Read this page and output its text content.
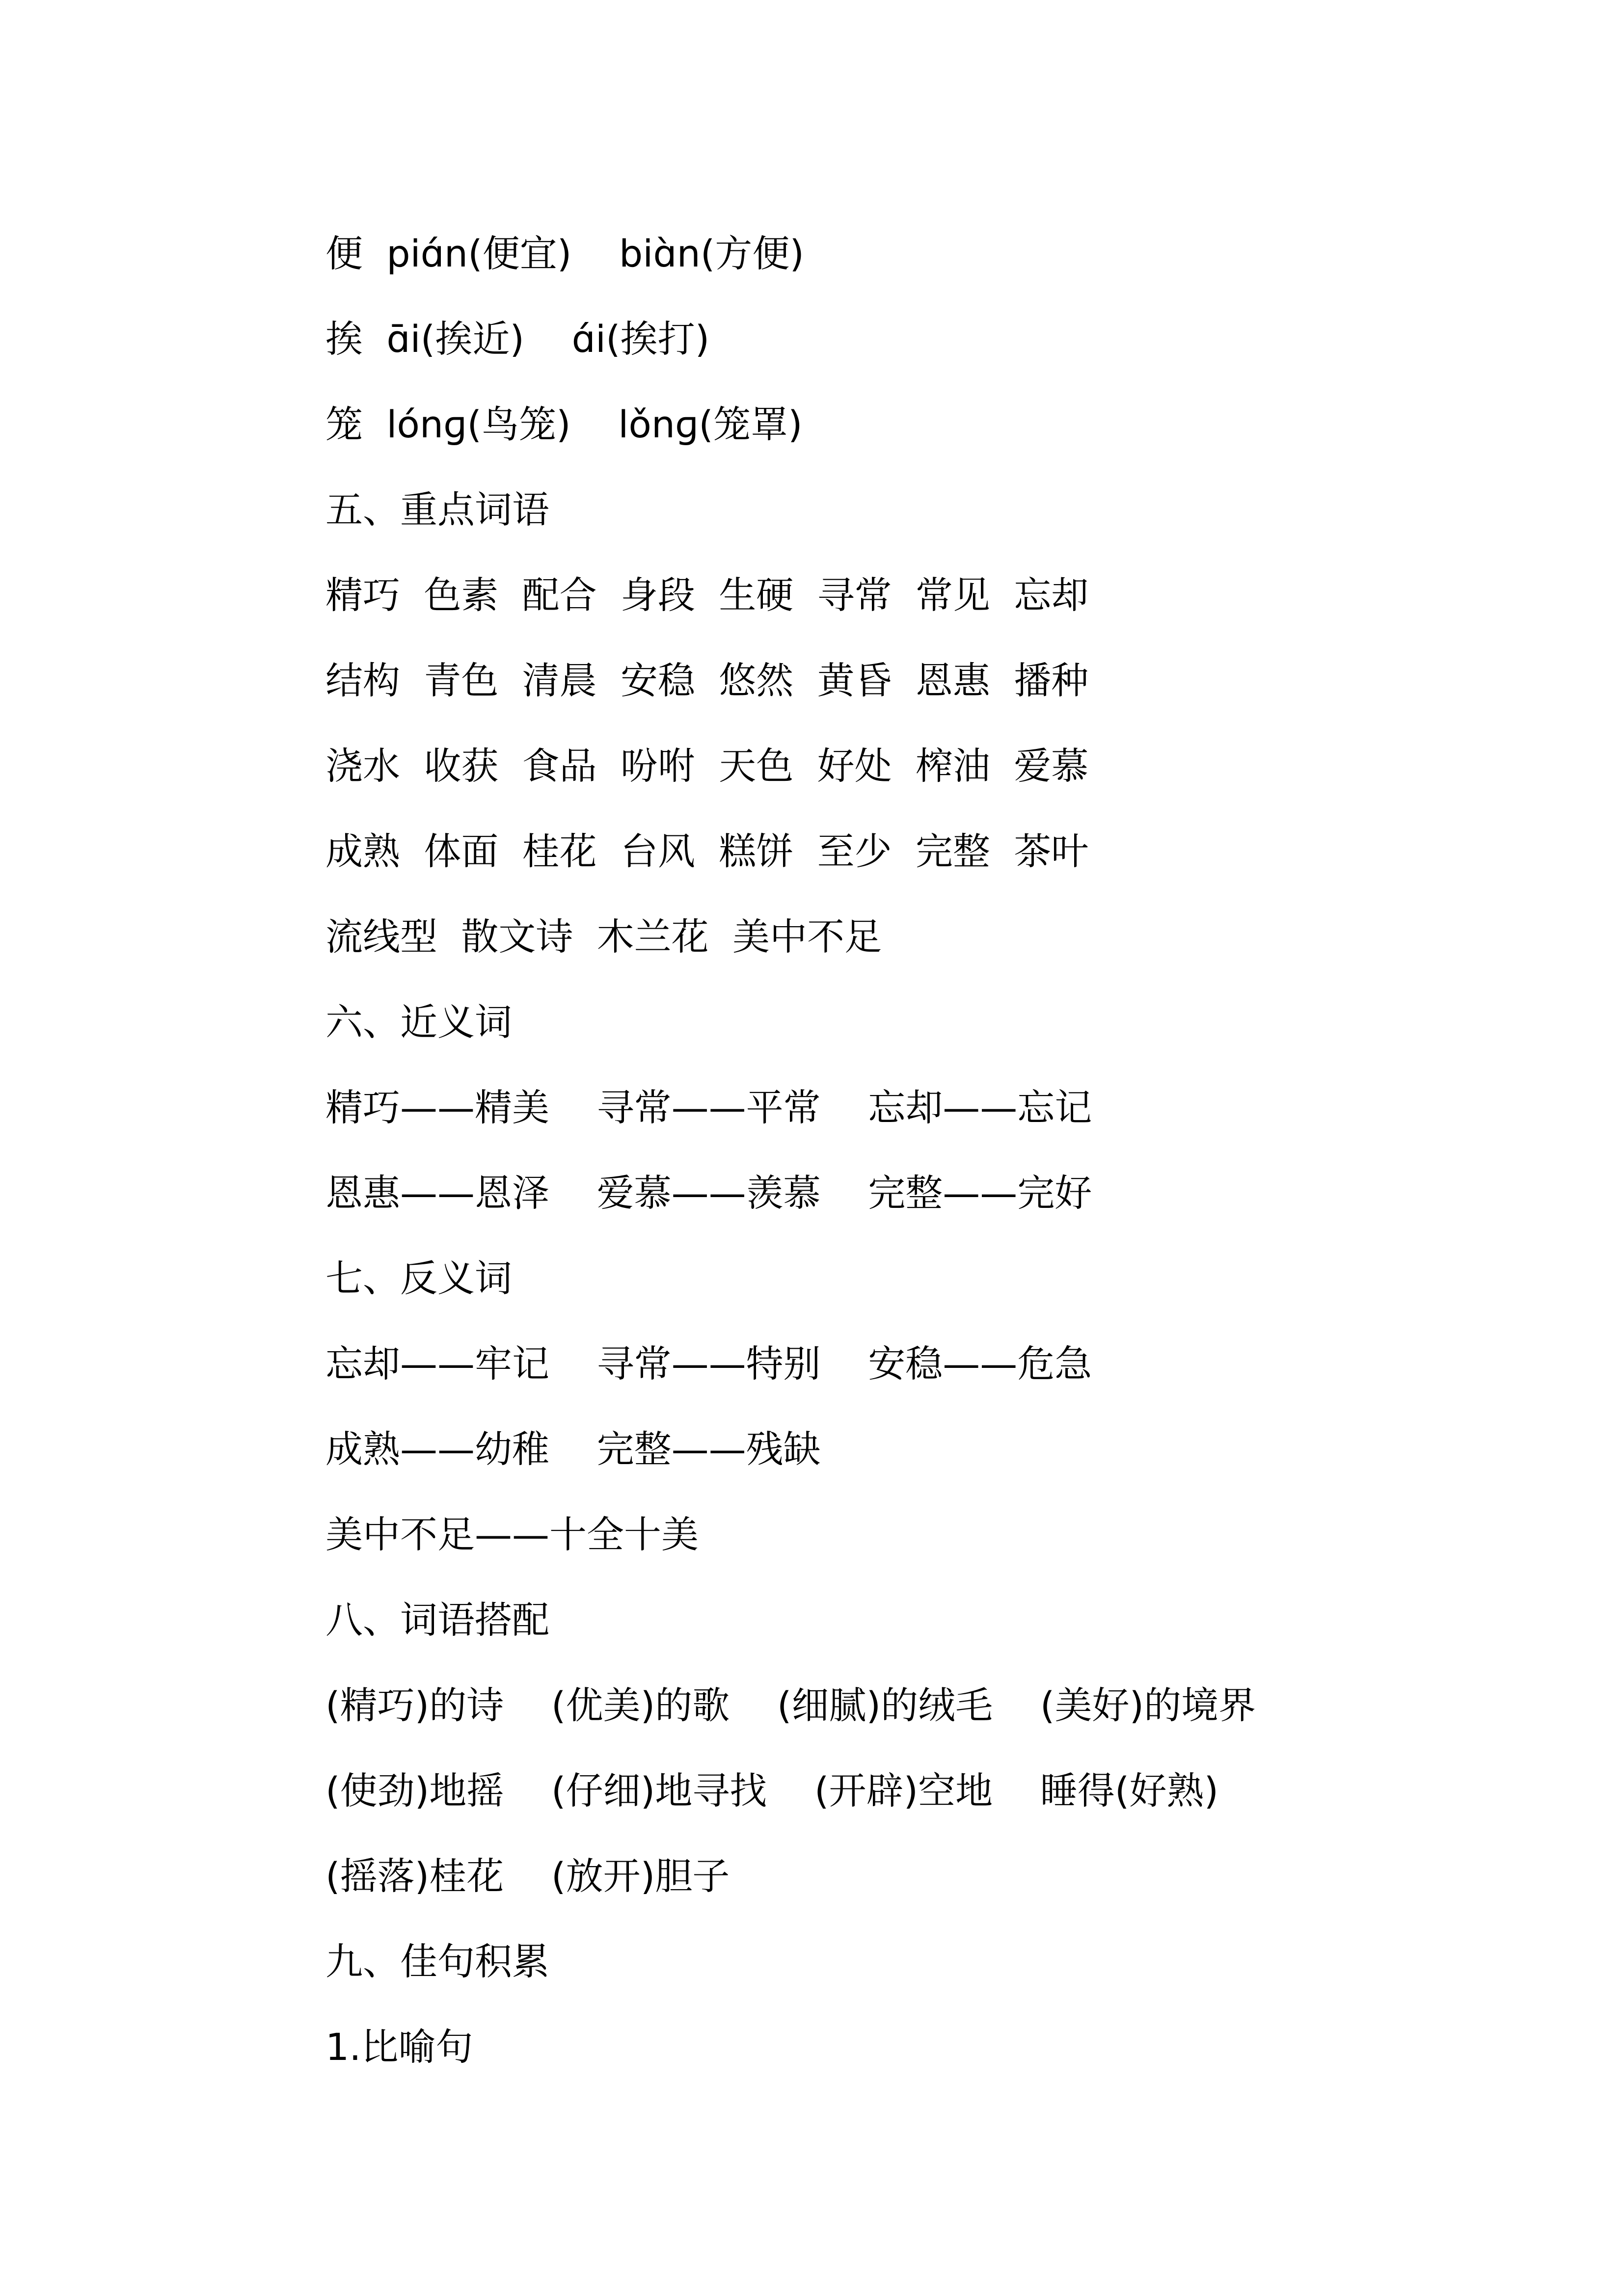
便  piɑ́n(便宜)    biɑ̀n(方便)
挨  ɑ̄i(挨近)    ɑ́i(挨打)
笼  lónɡ(鸟笼)    lǒnɡ(笼罩)
五、重点词语
精巧  色素  配合  身段  生硬  寻常  常见  忘却
结构  青色  清晨  安稳  悠然  黄昏  恩惠  播种
浇水  收获  食品  吩咐  天色  好处  榨油  爱慕
成熟  体面  桂花  台风  糕饼  至少  完整  茶叶
流线型  散文诗  木兰花  美中不足
六、近义词
精巧——精美    寻常——平常    忘却——忘记
恩惠——恩泽    爱慕——羡慕    完整——完好
七、反义词
忘却——牢记    寻常——特别    安稳——危急
成熟——幼稚    完整——残缺
美中不足——十全十美
八、词语搭配
(精巧)的诗    (优美)的歌    (细腻)的绒毛    (美好)的境界
(使劲)地摇    (仔细)地寻找    (开辟)空地    睡得(好熟)
(摇落)桂花    (放开)胆子
九、佳句积累
1.比喻句
